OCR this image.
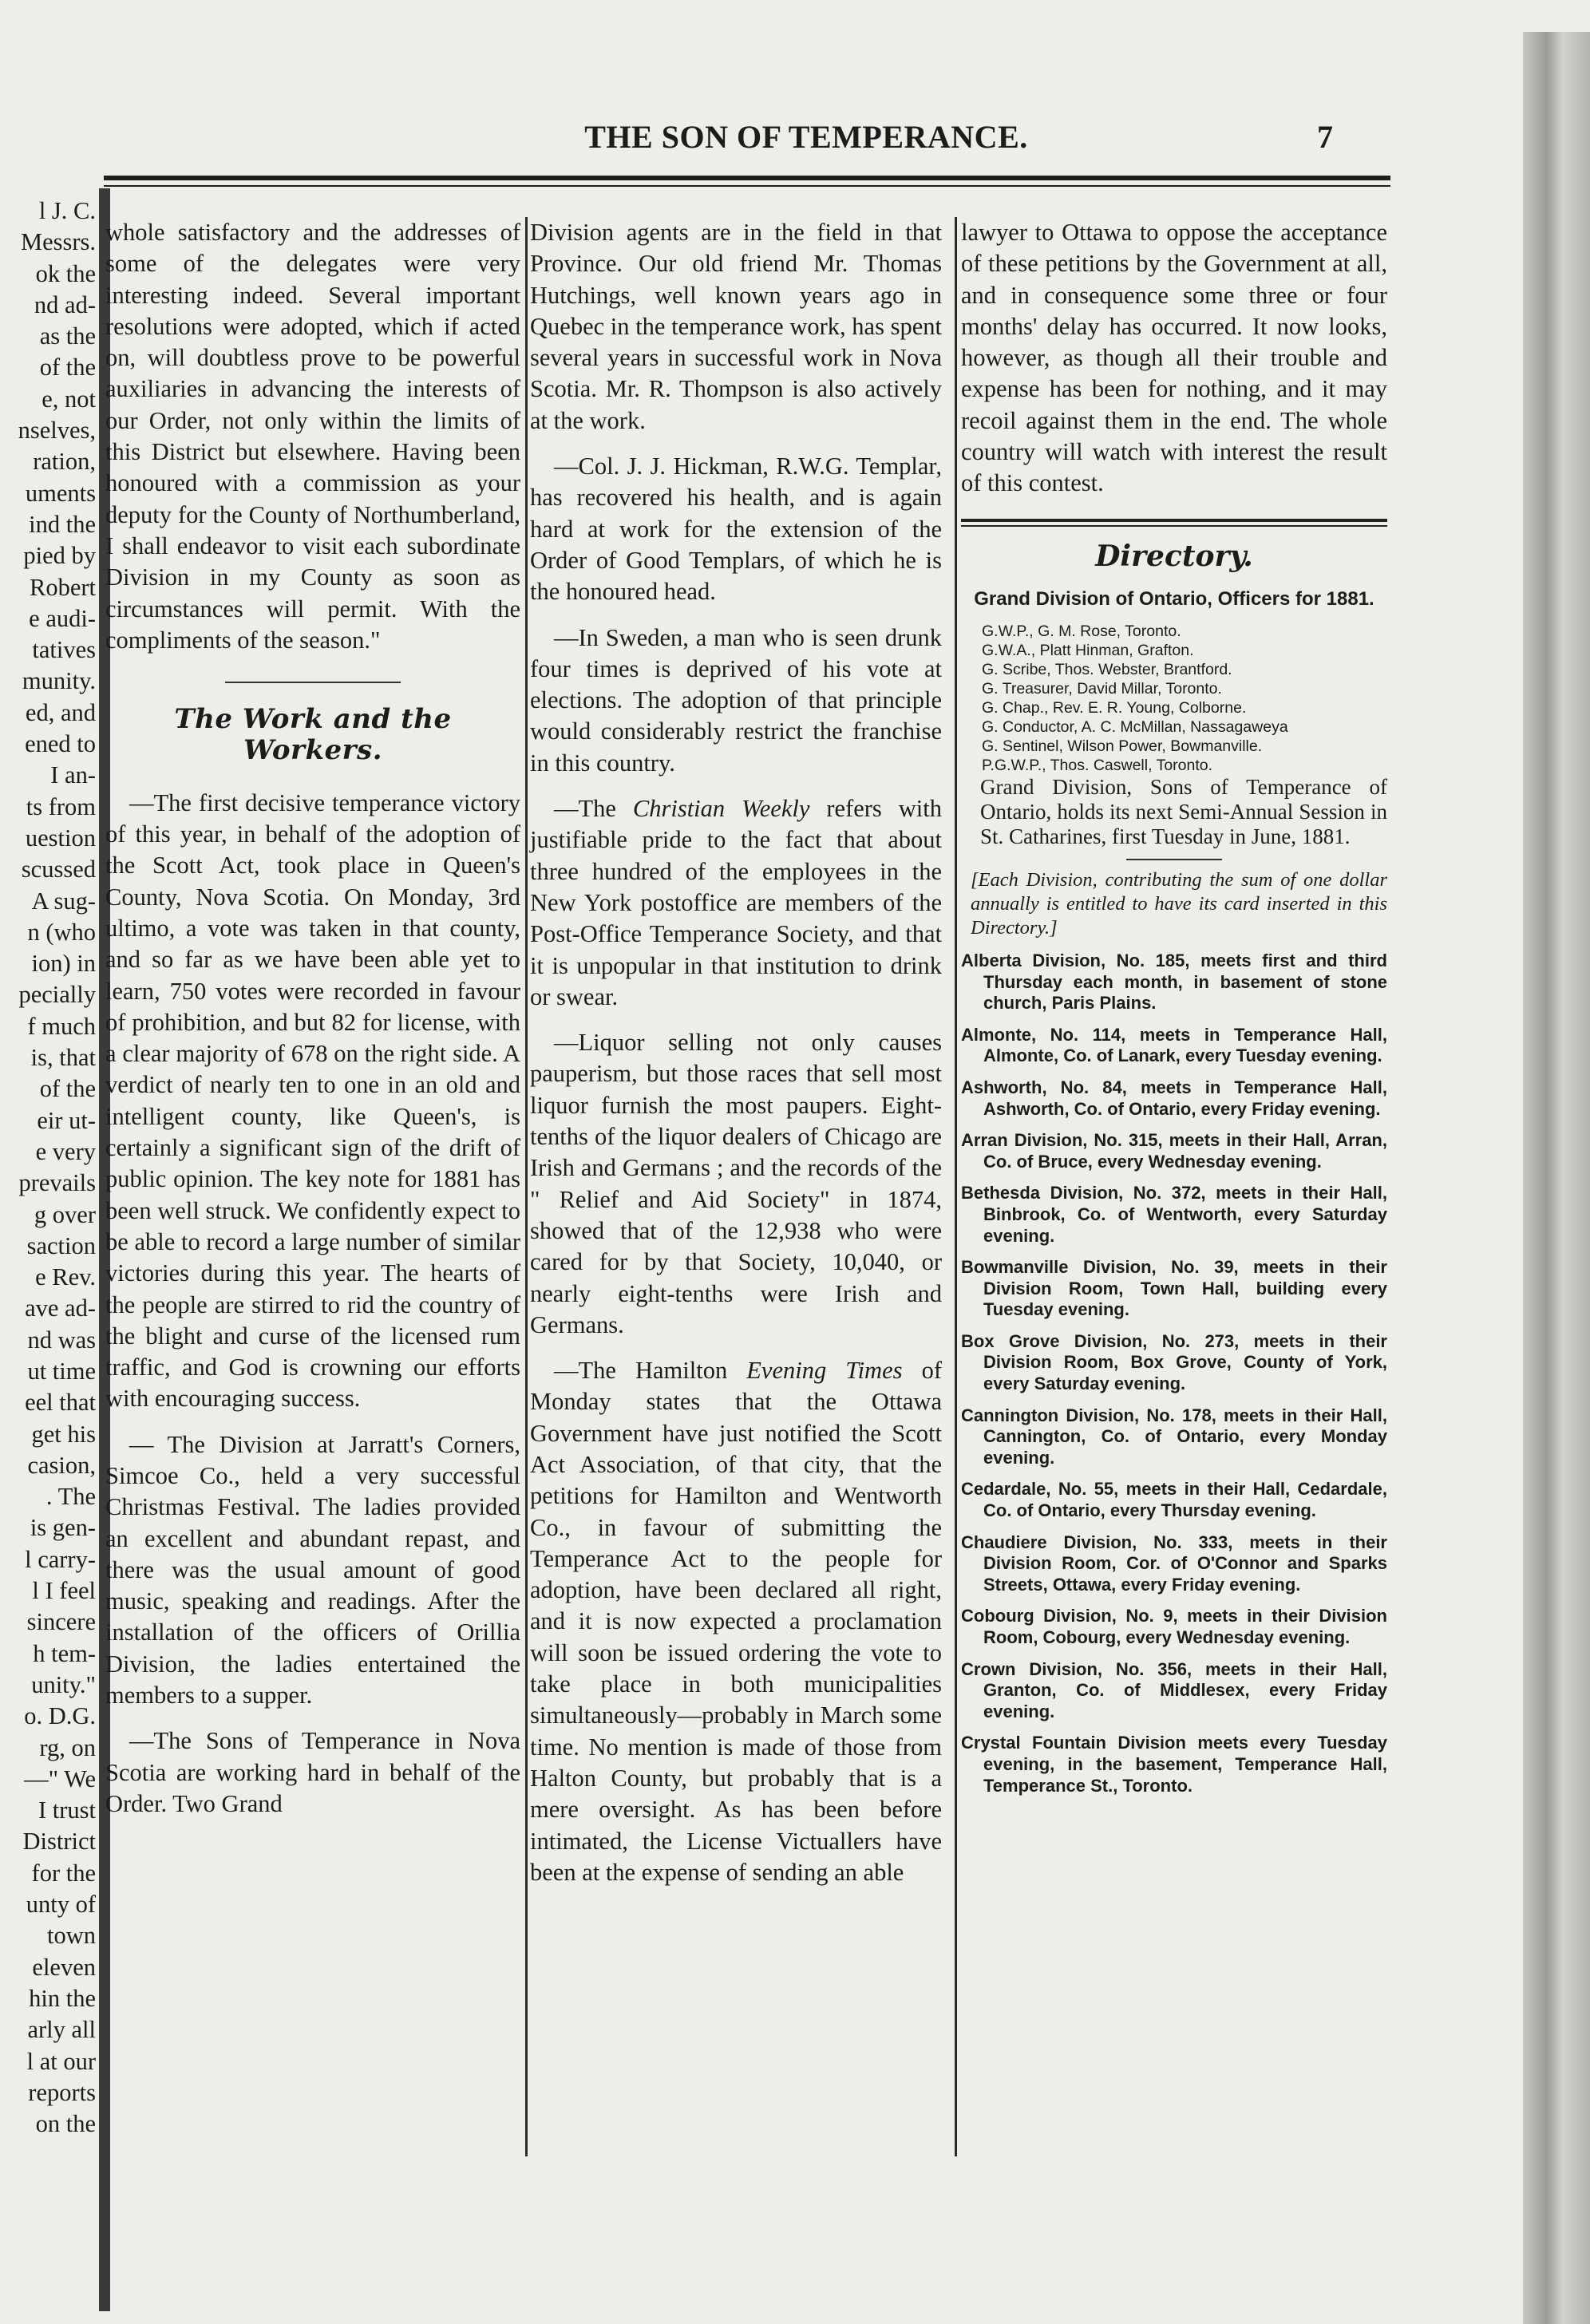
l J. C.
Messrs.
ok the
nd ad-
as the
of the
e, not
nselves,
ration,
uments
ind the
pied by
Robert
e audi-
tatives
munity.
ed, and
ened to
I an-
ts from
uestion
scussed
A sug-
n (who
ion) in
pecially
f much
is, that
of the
eir ut-
e very
prevails
g over
saction
e Rev.
ave ad-
nd was
ut time
eel that
get his
casion,
. The
is gen-
l carry-
l I feel
sincere
h tem-
unity."
o. D.G.
rg, on
—" We
I trust
District
for the
unty of
town
eleven
hin the
arly all
l at our
reports
on the
THE SON OF TEMPERANCE.	7

whole satisfactory and the addresses of some of the delegates were very interesting indeed. Several important resolutions were adopted, which if acted on, will doubtless prove to be powerful auxiliaries in advancing the interests of our Order, not only within the limits of this District but elsewhere. Having been honoured with a commission as your deputy for the County of Northumberland, I shall endeavor to visit each subordinate Division in my County as soon as circumstances will permit. With the compliments of the season."

The Work and the Workers.

—The first decisive temperance victory of this year, in behalf of the adoption of the Scott Act, took place in Queen's County, Nova Scotia. On Monday, 3rd ultimo, a vote was taken in that county, and so far as we have been able yet to learn, 750 votes were recorded in favour of prohibition, and but 82 for license, with a clear majority of 678 on the right side. A verdict of nearly ten to one in an old and intelligent county, like Queen's, is certainly a significant sign of the drift of public opinion. The key note for 1881 has been well struck. We confidently expect to be able to record a large number of similar victories during this year. The hearts of the people are stirred to rid the country of the blight and curse of the licensed rum traffic, and God is crowning our efforts with encouraging success.

— The Division at Jarratt's Corners, Simcoe Co., held a very successful Christmas Festival. The ladies provided an excellent and abundant repast, and there was the usual amount of good music, speaking and readings. After the installation of the officers of Orillia Division, the ladies entertained the members to a supper.

—The Sons of Temperance in Nova Scotia are working hard in behalf of the Order. Two Grand

Division agents are in the field in that Province. Our old friend Mr. Thomas Hutchings, well known years ago in Quebec in the temperance work, has spent several years in successful work in Nova Scotia. Mr. R. Thompson is also actively at the work.

—Col. J. J. Hickman, R.W.G. Templar, has recovered his health, and is again hard at work for the extension of the Order of Good Templars, of which he is the honoured head.

—In Sweden, a man who is seen drunk four times is deprived of his vote at elections. The adoption of that principle would considerably restrict the franchise in this country.

—The Christian Weekly refers with justifiable pride to the fact that about three hundred of the employees in the New York postoffice are members of the Post-Office Temperance Society, and that it is unpopular in that institution to drink or swear.

—Liquor selling not only causes pauperism, but those races that sell most liquor furnish the most paupers. Eight-tenths of the liquor dealers of Chicago are Irish and Germans ; and the records of the " Relief and Aid Society" in 1874, showed that of the 12,938 who were cared for by that Society, 10,040, or nearly eight-tenths were Irish and Germans.

—The Hamilton Evening Times of Monday states that the Ottawa Government have just notified the Scott Act Association, of that city, that the petitions for Hamilton and Wentworth Co., in favour of submitting the Temperance Act to the people for adoption, have been declared all right, and it is now expected a proclamation will soon be issued ordering the vote to take place in both municipalities simultaneously—probably in March some time. No mention is made of those from Halton County, but probably that is a mere oversight. As has been before intimated, the License Victuallers have been at the expense of sending an able

lawyer to Ottawa to oppose the acceptance of these petitions by the Government at all, and in consequence some three or four months' delay has occurred. It now looks, however, as though all their trouble and expense has been for nothing, and it may recoil against them in the end. The whole country will watch with interest the result of this contest.

Directory.
Grand Division of Ontario, Officers for 1881.
G.W.P., G. M. Rose, Toronto.
G.W.A., Platt Hinman, Grafton.
G. Scribe, Thos. Webster, Brantford.
G. Treasurer, David Millar, Toronto.
G. Chap., Rev. E. R. Young, Colborne.
G. Conductor, A. C. McMillan, Nassagaweya
G. Sentinel, Wilson Power, Bowmanville.
P.G.W.P., Thos. Caswell, Toronto.

Grand Division, Sons of Temperance of Ontario, holds its next Semi-Annual Session in St. Catharines, first Tuesday in June, 1881.

[Each Division, contributing the sum of one dollar annually is entitled to have its card inserted in this Directory.]

Alberta Division, No. 185, meets first and third Thursday each month, in basement of stone church, Paris Plains.
Almonte, No. 114, meets in Temperance Hall, Almonte, Co. of Lanark, every Tuesday evening.
Ashworth, No. 84, meets in Temperance Hall, Ashworth, Co. of Ontario, every Friday evening.
Arran Division, No. 315, meets in their Hall, Arran, Co. of Bruce, every Wednesday evening.
Bethesda Division, No. 372, meets in their Hall, Binbrook, Co. of Wentworth, every Saturday evening.
Bowmanville Division, No. 39, meets in their Division Room, Town Hall, building every Tuesday evening.
Box Grove Division, No. 273, meets in their Division Room, Box Grove, County of York, every Saturday evening.
Cannington Division, No. 178, meets in their Hall, Cannington, Co. of Ontario, every Monday evening.
Cedardale, No. 55, meets in their Hall, Cedardale, Co. of Ontario, every Thursday evening.
Chaudiere Division, No. 333, meets in their Division Room, Cor. of O'Connor and Sparks Streets, Ottawa, every Friday evening.
Cobourg Division, No. 9, meets in their Division Room, Cobourg, every Wednesday evening.
Crown Division, No. 356, meets in their Hall, Granton, Co. of Middlesex, every Friday evening.
Crystal Fountain Division meets every Tuesday evening, in the basement, Temperance Hall, Temperance St., Toronto.
